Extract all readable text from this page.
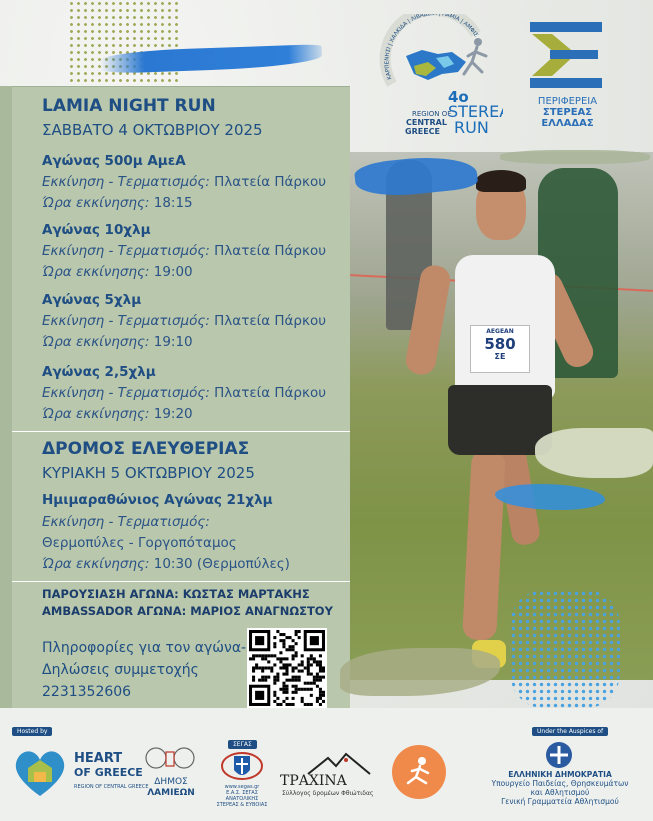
ΚΑΡΠΕΝΗΣΙ | ΧΑΛΚΙΔΑ | ΛΙΒΑΔΕΙ | ΛΑΜΙΑ | ΑΜΦΙΣ
REGION OF
CENTRAL
GREECE
4o
STERE
RUN
ΠΕΡΙΦΕΡΕΙΑ
ΣΤΕΡΕΑΣ
ΕΛΛΑΔΑΣ
LAMIA NIGHT RUN
ΣΑΒΒΑΤΟ 4 ΟΚΤΩΒΡΙΟΥ 2025
Αγώνας 500μ ΑμεΑ
Εκκίνηση - Τερματισμός: Πλατεία Πάρκου
Ώρα εκκίνησης: 18:15
Αγώνας 10χλμ
Εκκίνηση - Τερματισμός: Πλατεία Πάρκου
Ώρα εκκίνησης: 19:00
Αγώνας 5χλμ
Εκκίνηση - Τερματισμός: Πλατεία Πάρκου
Ώρα εκκίνησης: 19:10
Αγώνας 2,5χλμ
Εκκίνηση - Τερματισμός: Πλατεία Πάρκου
Ώρα εκκίνησης: 19:20
ΔΡΟΜΟΣ ΕΛΕΥΘΕΡΙΑΣ
ΚΥΡΙΑΚΗ 5 ΟΚΤΩΒΡΙΟΥ 2025
Ημιμαραθώνιος Αγώνας 21χλμ
Εκκίνηση - Τερματισμός:
Θερμοπύλες - Γοργοπόταμος
Ώρα εκκίνησης: 10:30 (Θερμοπύλες)
ΠΑΡΟΥΣΙΑΣΗ ΑΓΩΝΑ: ΚΩΣΤΑΣ ΜΑΡΤΑΚΗΣ
AMBASSADOR ΑΓΩΝΑ: ΜΑΡΙΟΣ ΑΝΑΓΝΩΣΤΟΥ
Πληροφορίες για τον αγώνα-
Δηλώσεις συμμετοχής
2231352606
AEGEAN
580
ΣΕ
Hosted by
HEART
OF GREECE
REGION OF CENTRAL GREECE ΔΗΜΟΣ
ΛΑΜΙΕΩΝ
ΣΕΓΑΣ
www.segas.gr
Ε.Α.Σ. ΣΕΓΑΣ
ΑΝΑΤΟΛΙΚΗΣ
ΣΤΕΡΕΑΣ & ΕΥΒΟΙΑΣ
ΤΡΑΧΙΝΑ
Σύλλογος δρομέων Φθιώτιδας
Under the Auspices of
ΕΛΛΗΝΙΚΗ ΔΗΜΟΚΡΑΤΙΑ
Υπουργείο Παιδείας, Θρησκευμάτων
και Αθλητισμού
Γενική Γραμματεία Αθλητισμού
